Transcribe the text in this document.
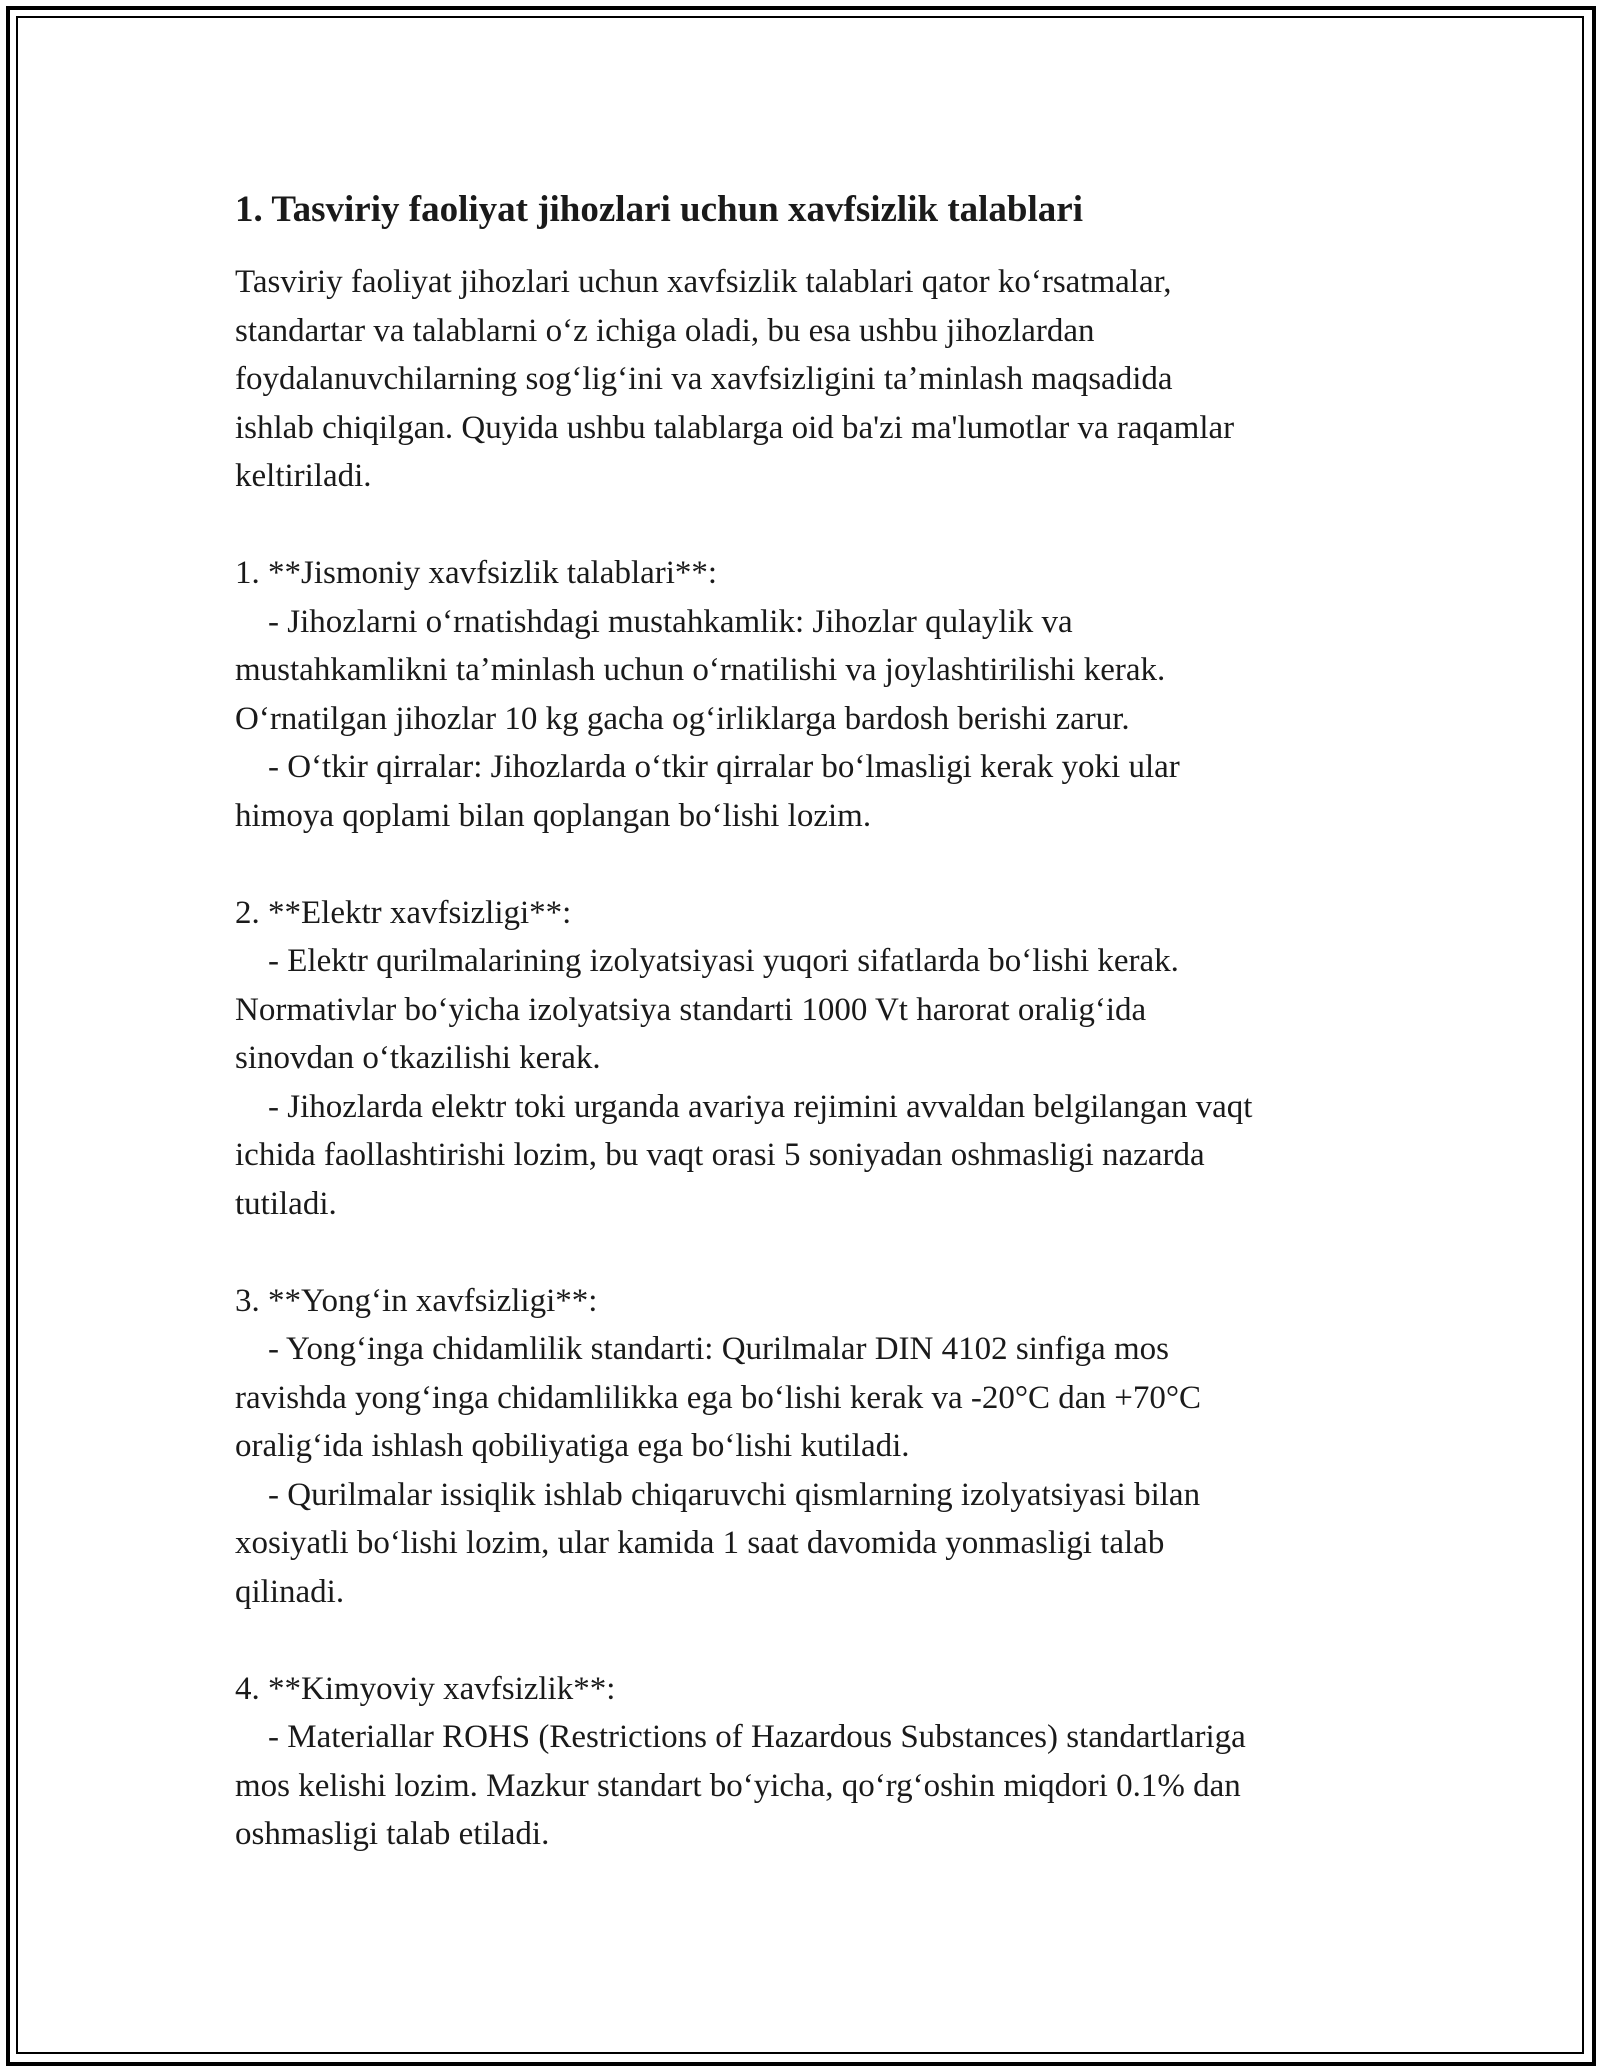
1. Tasviriy faoliyat jihozlari uchun xavfsizlik talablari

Tasviriy faoliyat jihozlari uchun xavfsizlik talablari qator koʻrsatmalar,
standartar va talablarni oʻz ichiga oladi, bu esa ushbu jihozlardan
foydalanuvchilarning sogʻligʻini va xavfsizligini taʼminlash maqsadida
ishlab chiqilgan. Quyida ushbu talablarga oid ba'zi ma'lumotlar va raqamlar
keltiriladi.

1. **Jismoniy xavfsizlik talablari**:

- Jihozlarni oʻrnatishdagi mustahkamlik: Jihozlar qulaylik va
mustahkamlikni taʼminlash uchun oʻrnatilishi va joylashtirilishi kerak.
Oʻrnatilgan jihozlar 10 kg gacha ogʻirliklarga bardosh berishi zarur.

- Oʻtkir qirralar: Jihozlarda oʻtkir qirralar boʻlmasligi kerak yoki ular
himoya qoplami bilan qoplangan boʻlishi lozim.

2. **Elektr xavfsizligi**:

- Elektr qurilmalarining izolyatsiyasi yuqori sifatlarda boʻlishi kerak.
Normativlar boʻyicha izolyatsiya standarti 1000 Vt harorat oraligʻida
sinovdan oʻtkazilishi kerak.

- Jihozlarda elektr toki urganda avariya rejimini avvaldan belgilangan vaqt
ichida faollashtirishi lozim, bu vaqt orasi 5 soniyadan oshmasligi nazarda
tutiladi.

3. **Yongʻin xavfsizligi**:

- Yongʻinga chidamlilik standarti: Qurilmalar DIN 4102 sinfiga mos
ravishda yongʻinga chidamlilikka ega boʻlishi kerak va -20°C dan +70°C
oraligʻida ishlash qobiliyatiga ega boʻlishi kutiladi.

- Qurilmalar issiqlik ishlab chiqaruvchi qismlarning izolyatsiyasi bilan
xosiyatli boʻlishi lozim, ular kamida 1 saat davomida yonmasligi talab
qilinadi.

4. **Kimyoviy xavfsizlik**:

- Materiallar ROHS (Restrictions of Hazardous Substances) standartlariga
mos kelishi lozim. Mazkur standart boʻyicha, qoʻrgʻoshin miqdori 0.1% dan
oshmasligi talab etiladi.
